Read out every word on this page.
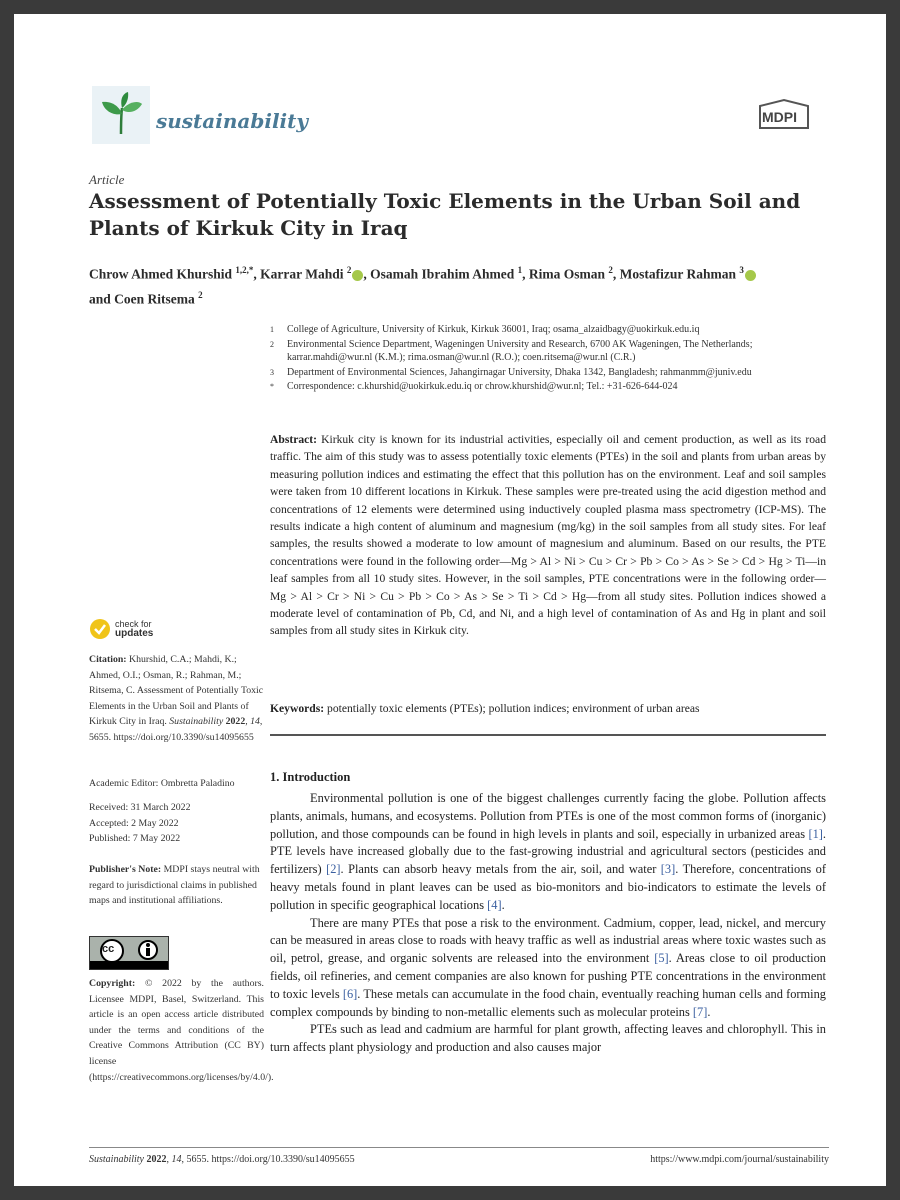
sustainability	MDPI
Article
Assessment of Potentially Toxic Elements in the Urban Soil and Plants of Kirkuk City in Iraq
Chrow Ahmed Khurshid $^{1,2,*}$, Karrar Mahdi $^2$ , Osamah Ibrahim Ahmed $^1$, Rima Osman $^2$, Mostafizur Rahman $^3$
and Coen Ritsema $^2$
1	College of Agriculture, University of Kirkuk, Kirkuk 36001, Iraq; osama_alzaidbagy@uokirkuk.edu.iq
2	Environmental Science Department, Wageningen University and Research, 6700 AK Wageningen, The Netherlands; karrar.mahdi@wur.nl (K.M.); rima.osman@wur.nl (R.O.); coen.ritsema@wur.nl (C.R.)
3	Department of Environmental Sciences, Jahangirnagar University, Dhaka 1342, Bangladesh; rahmanmm@juniv.edu
*	Correspondence: c.khurshid@uokirkuk.edu.iq or chrow.khurshid@wur.nl; Tel.: +31-626-644-024
Abstract: Kirkuk city is known for its industrial activities, especially oil and cement production, as well as its road traffic. The aim of this study was to assess potentially toxic elements (PTEs) in the soil and plants from urban areas by measuring pollution indices and estimating the effect that this pollution has on the environment. Leaf and soil samples were taken from 10 different locations in Kirkuk. These samples were pre-treated using the acid digestion method and concentrations of 12 elements were determined using inductively coupled plasma mass spectrometry (ICP-MS). The results indicate a high content of aluminum and magnesium (mg/kg) in the soil samples from all study sites. For leaf samples, the results showed a moderate to low amount of magnesium and aluminum. Based on our results, the PTE concentrations were found in the following order—Mg > Al > Ni > Cu > Cr > Pb > Co > As > Se > Cd > Hg > Ti—in leaf samples from all 10 study sites. However, in the soil samples, PTE concentrations were in the following order—Mg > Al > Cr > Ni > Cu > Pb > Co > As > Se > Ti > Cd > Hg—from all study sites. Pollution indices showed a moderate level of contamination of Pb, Cd, and Ni, and a high level of contamination of As and Hg in plant and soil samples from all study sites in Kirkuk city.
Keywords: potentially toxic elements (PTEs); pollution indices; environment of urban areas
check for
updates
Citation: Khurshid, C.A.; Mahdi, K.; Ahmed, O.I.; Osman, R.; Rahman, M.; Ritsema, C. Assessment of Potentially Toxic Elements in the Urban Soil and Plants of Kirkuk City in Iraq. Sustainability 2022, 14, 5655. https://doi.org/10.3390/su14095655
Academic Editor: Ombretta Paladino
Received: 31 March 2022
Accepted: 2 May 2022
Published: 7 May 2022
Publisher's Note: MDPI stays neutral with regard to jurisdictional claims in published maps and institutional affiliations.
cc
Copyright: © 2022 by the authors. Licensee MDPI, Basel, Switzerland. This article is an open access article distributed under the terms and conditions of the Creative Commons Attribution (CC BY) license (https://creativecommons.org/licenses/by/4.0/).
1. Introduction

Environmental pollution is one of the biggest challenges currently facing the globe. Pollution affects plants, animals, humans, and ecosystems. Pollution from PTEs is one of the most common forms of (inorganic) pollution, and those compounds can be found in high levels in plants and soil, especially in urbanized areas [1]. PTE levels have increased globally due to the fast-growing industrial and agricultural sectors (pesticides and fertilizers) [2]. Plants can absorb heavy metals from the air, soil, and water [3]. Therefore, concentrations of heavy metals found in plant leaves can be used as bio-monitors and bio-indicators to estimate the levels of pollution in specific geographical locations [4].

There are many PTEs that pose a risk to the environment. Cadmium, copper, lead, nickel, and mercury can be measured in areas close to roads with heavy traffic as well as industrial areas where toxic wastes such as oil, petrol, grease, and organic solvents are released into the environment [5]. Areas close to oil production fields, oil refineries, and cement companies are also known for pushing PTE concentrations in the environment to toxic levels [6]. These metals can accumulate in the food chain, eventually reaching human cells and forming complex compounds by binding to non-metallic elements such as molecular proteins [7].

PTEs such as lead and cadmium are harmful for plant growth, affecting leaves and chlorophyll. This in turn affects plant physiology and production and also causes major

Sustainability 2022, 14, 5655. https://doi.org/10.3390/su14095655	https://www.mdpi.com/journal/sustainability
